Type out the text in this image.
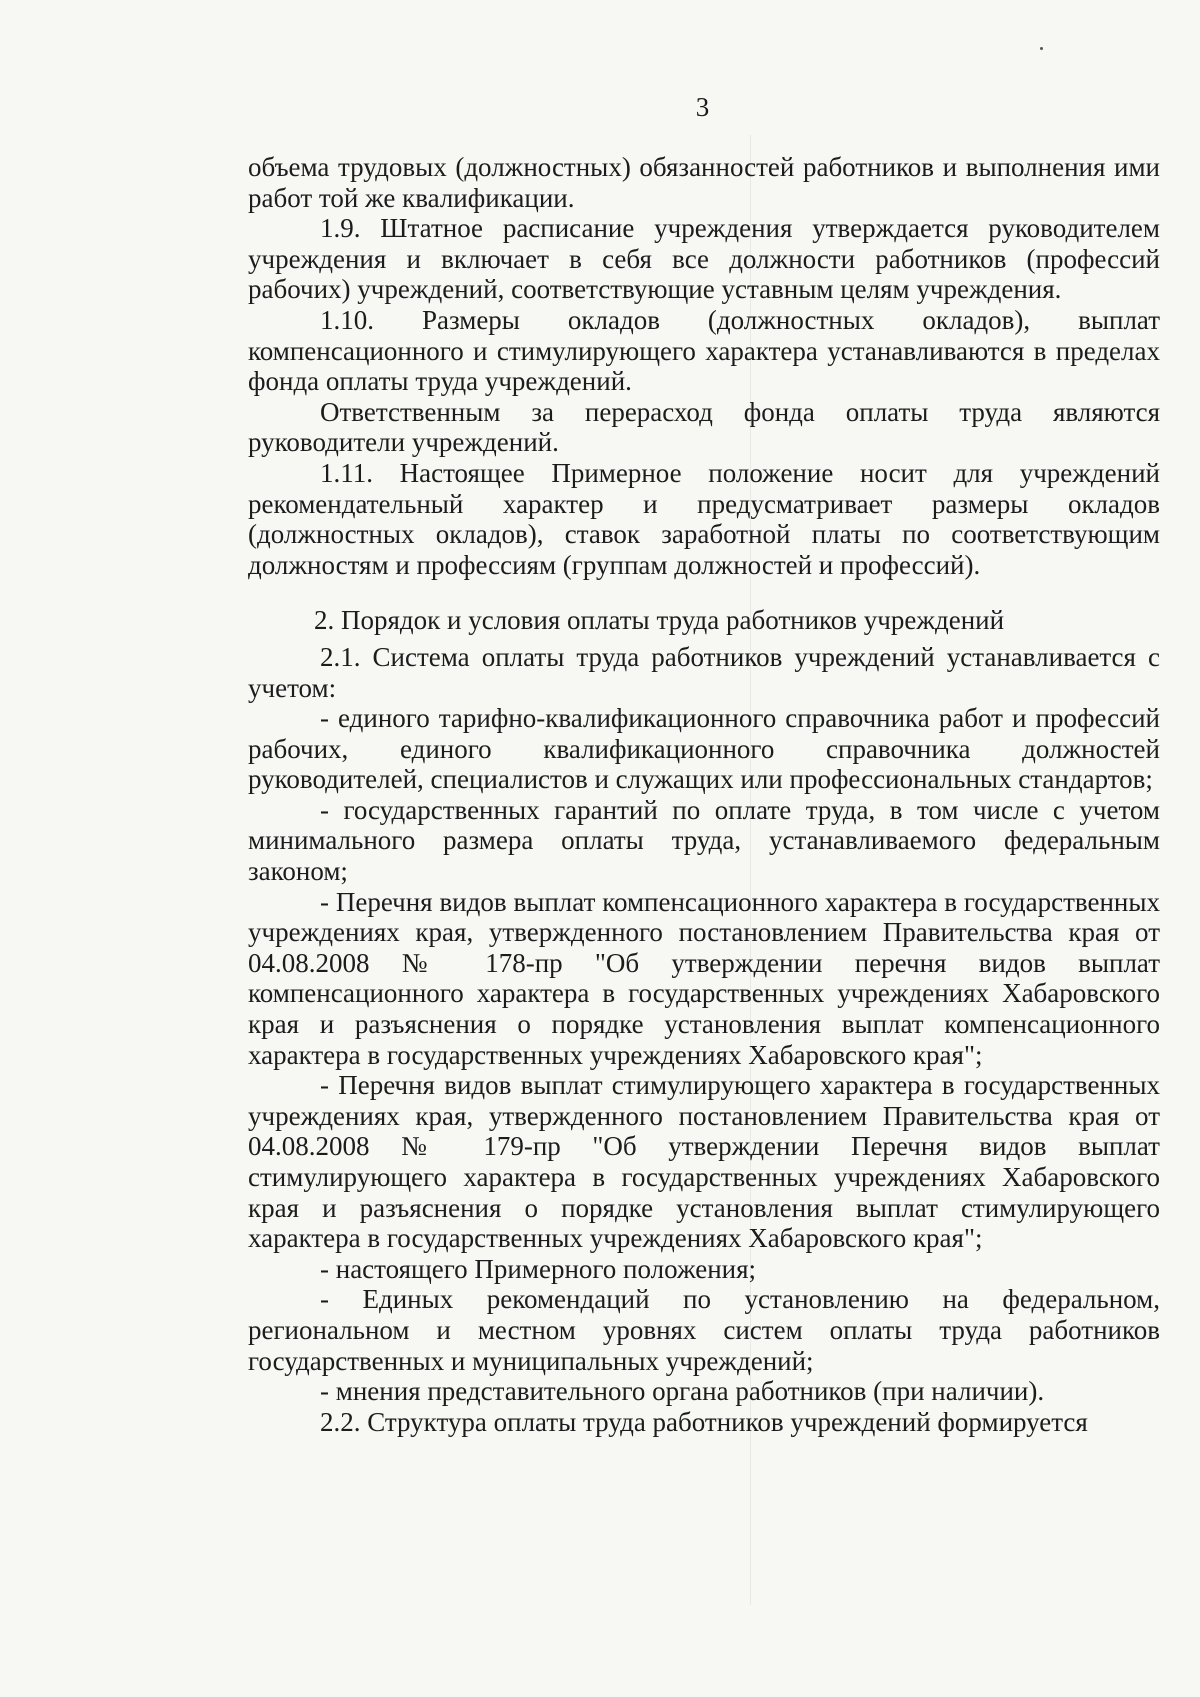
3

объема трудовых (должностных) обязанностей работников и выполнения ими работ той же квалификации.

1.9. Штатное расписание учреждения утверждается руководителем учреждения и включает в себя все должности работников (профессий рабочих) учреждений, соответствующие уставным целям учреждения.

1.10. Размеры окладов (должностных окладов), выплат компенсационного и стимулирующего характера устанавливаются в пределах фонда оплаты труда учреждений.

Ответственным за перерасход фонда оплаты труда являются руководители учреждений.

1.11. Настоящее Примерное положение носит для учреждений рекомендательный характер и предусматривает размеры окладов (должностных окладов), ставок заработной платы по соответствующим должностям и профессиям (группам должностей и профессий).

2. Порядок и условия оплаты труда работников учреждений

2.1. Система оплаты труда работников учреждений устанавливается с учетом:

- единого тарифно-квалификационного справочника работ и профессий рабочих, единого квалификационного справочника должностей руководителей, специалистов и служащих или профессиональных стандартов;

- государственных гарантий по оплате труда, в том числе с учетом минимального размера оплаты труда, устанавливаемого федеральным законом;

- Перечня видов выплат компенсационного характера в государственных учреждениях края, утвержденного постановлением Правительства края от 04.08.2008 № 178-пр "Об утверждении перечня видов выплат компенсационного характера в государственных учреждениях Хабаровского края и разъяснения о порядке установления выплат компенсационного характера в государственных учреждениях Хабаровского края";

- Перечня видов выплат стимулирующего характера в государственных учреждениях края, утвержденного постановлением Правительства края от 04.08.2008 № 179-пр "Об утверждении Перечня видов выплат стимулирующего характера в государственных учреждениях Хабаровского края и разъяснения о порядке установления выплат стимулирующего характера в государственных учреждениях Хабаровского края";

- настоящего Примерного положения;

- Единых рекомендаций по установлению на федеральном, региональном и местном уровнях систем оплаты труда работников государственных и муниципальных учреждений;

- мнения представительного органа работников (при наличии).

2.2. Структура оплаты труда работников учреждений формируется
